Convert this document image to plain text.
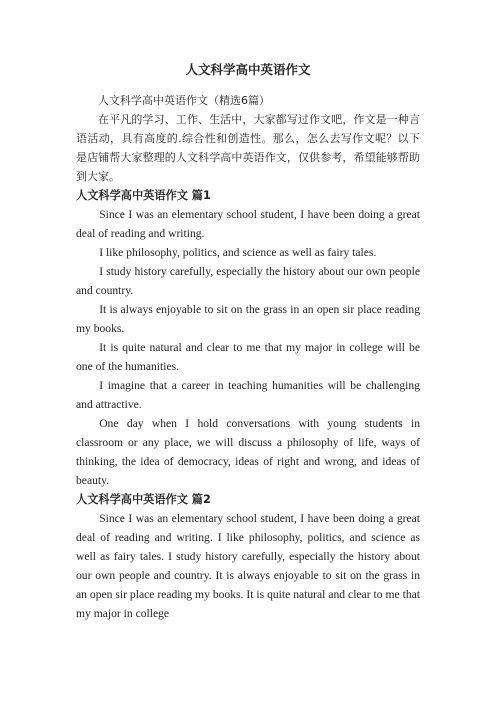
人文科学高中英语作文

人文科学高中英语作文（精选6篇）

在平凡的学习、工作、生活中，大家都写过作文吧，作文是一种言语活动，具有高度的.综合性和创造性。那么，怎么去写作文呢？以下是店铺帮大家整理的人文科学高中英语作文，仅供参考，希望能够帮助到大家。

人文科学高中英语作文 篇1

Since I was an elementary school student, I have been doing a great deal of reading and writing.

I like philosophy, politics, and science as well as fairy tales.

I study history carefully, especially the history about our own people and country.

It is always enjoyable to sit on the grass in an open sir place reading my books.

It is quite natural and clear to me that my major in college will be one of the humanities.

I imagine that a career in teaching humanities will be challenging and attractive.

One day when I hold conversations with young students in classroom or any place, we will discuss a philosophy of life, ways of thinking, the idea of democracy, ideas of right and wrong, and ideas of beauty.

人文科学高中英语作文 篇2

Since I was an elementary school student, I have been doing a great deal of reading and writing. I like philosophy, politics, and science as well as fairy tales. I study history carefully, especially the history about our own people and country. It is always enjoyable to sit on the grass in an open sir place reading my books. It is quite natural and clear to me that my major in college
